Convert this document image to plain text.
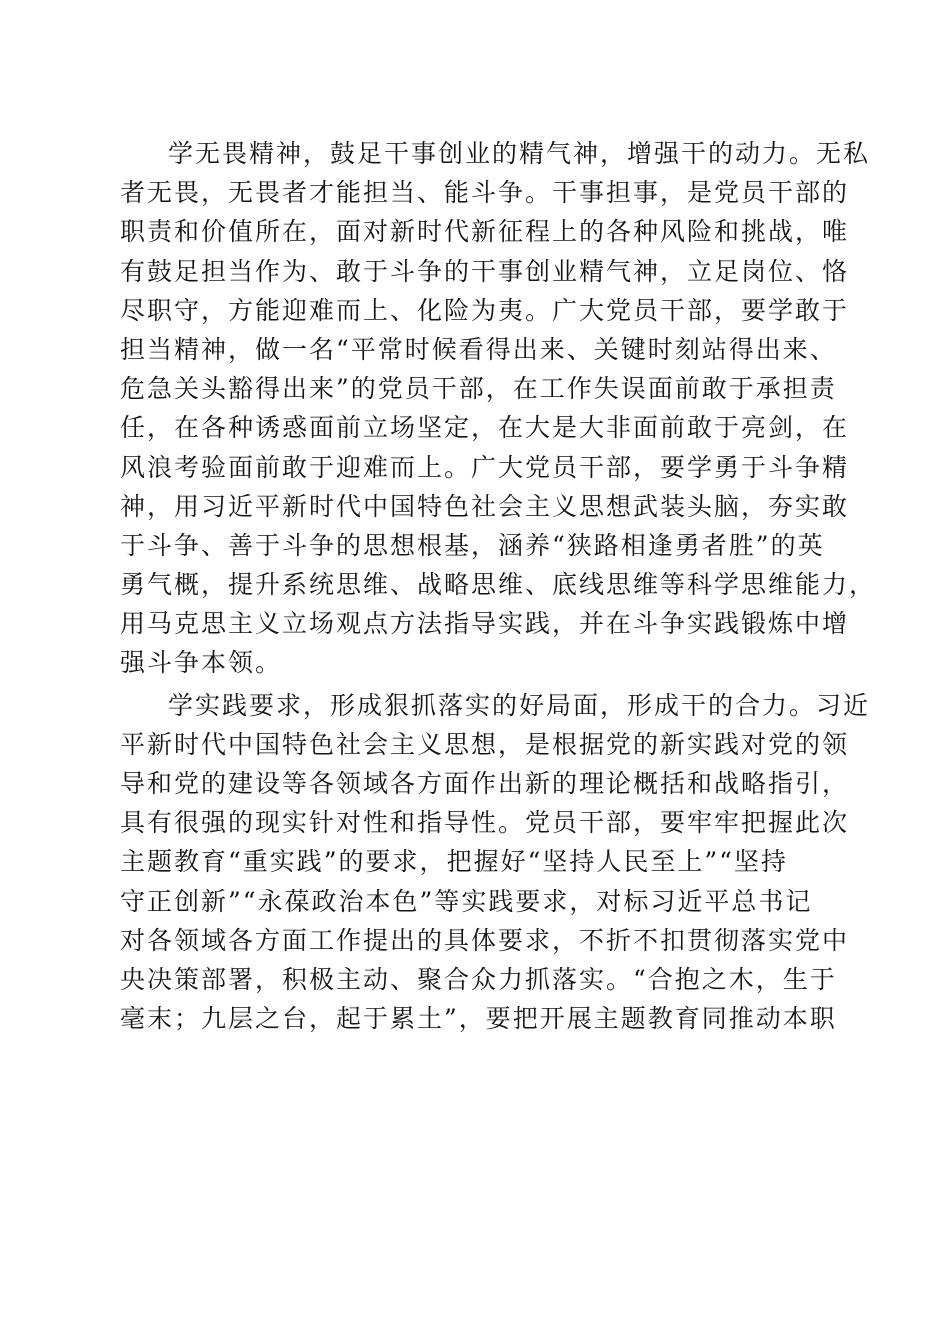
学无畏精神，鼓足干事创业的精气神，增强干的动力。无私
者无畏，无畏者才能担当、能斗争。干事担事，是党员干部的
职责和价值所在，面对新时代新征程上的各种风险和挑战，唯
有鼓足担当作为、敢于斗争的干事创业精气神，立足岗位、恪
尽职守，方能迎难而上、化险为夷。广大党员干部，要学敢于
担当精神，做一名“平常时候看得出来、关键时刻站得出来、
危急关头豁得出来”的党员干部，在工作失误面前敢于承担责
任，在各种诱惑面前立场坚定，在大是大非面前敢于亮剑，在
风浪考验面前敢于迎难而上。广大党员干部，要学勇于斗争精
神，用习近平新时代中国特色社会主义思想武装头脑，夯实敢
于斗争、善于斗争的思想根基，涵养“狭路相逢勇者胜”的英
勇气概，提升系统思维、战略思维、底线思维等科学思维能力，
用马克思主义立场观点方法指导实践，并在斗争实践锻炼中增
强斗争本领。
学实践要求，形成狠抓落实的好局面，形成干的合力。习近
平新时代中国特色社会主义思想，是根据党的新实践对党的领
导和党的建设等各领域各方面作出新的理论概括和战略指引，
具有很强的现实针对性和指导性。党员干部，要牢牢把握此次
主题教育“重实践”的要求，把握好“坚持人民至上”“坚持
守正创新”“永葆政治本色”等实践要求，对标习近平总书记
对各领域各方面工作提出的具体要求，不折不扣贯彻落实党中
央决策部署，积极主动、聚合众力抓落实。“合抱之木，生于
毫末；九层之台，起于累土”，要把开展主题教育同推动本职
